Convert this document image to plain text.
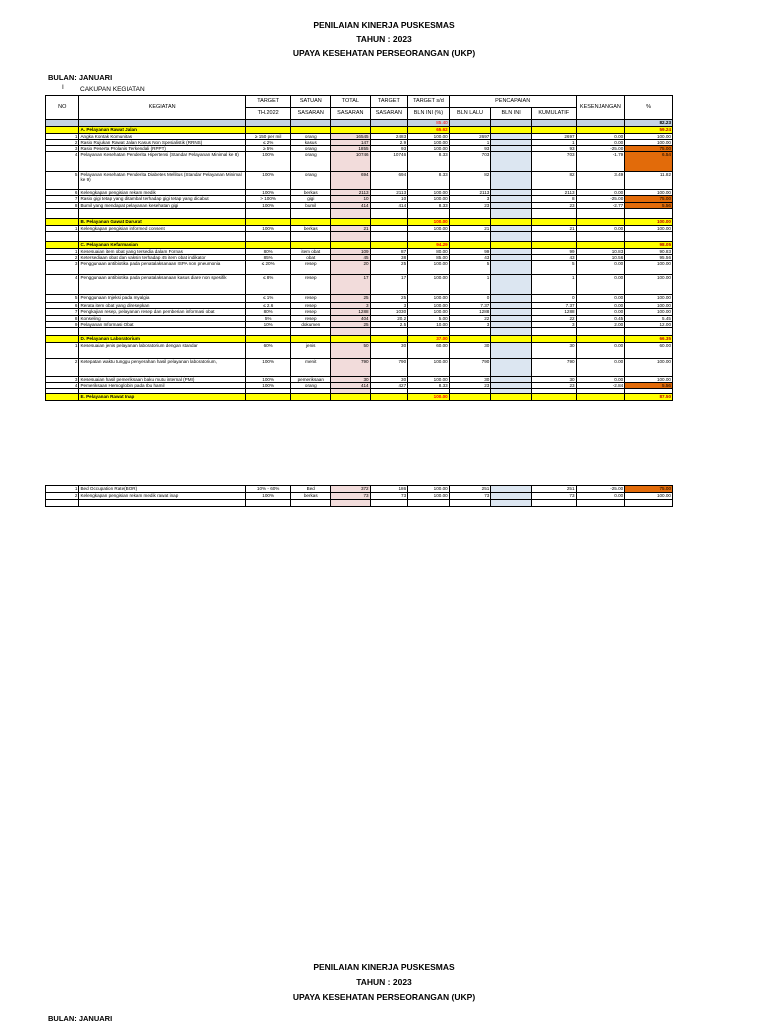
PENILAIAN KINERJA PUSKESMAS
TAHUN : 2023
UPAYA KESEHATAN PERSEORANGAN (UKP)
BULAN: JANUARI
I CAKUPAN KEGIATAN
NO	KEGIATAN	TARGET	SATUAN	TOTAL	TARGET	TARGET s/d	PENCAPAIAN			KESENJANGAN	%
		TH.2022	SASARAN	SASARAN	SASARAN	BLN INI (%)	BLN LALU	BLN INI	KUMULATIF		
						85.40					82.23
	A. Pelayanan Rawat Jalan					65.62					59.24
1	Angka Kontak Komunitas	≥ 150 per mil	orang	16545	2483	100.00	2697		2697	0.00	100.00
2	Rasio Rujukan Rawat Jalan Kasus Non Spesialistik (RRNS)	≤ 2%	kasus	147	2.9	100.00	1		1	0.00	100.00
3	Rasio Peserta Prolanis Terkendali (RPPT)	≥ 5%	orang	1855	93	100.00	93		93	-25.00	75.00
4	Pelayanan Kesehatan Penderita Hipertensi (Standar Pelayanan Minimal ke 8)	100%	orang	10746	10746	8.33	703		703	-1.79	6.54
5	Pelayanan Kesehatan Penderita Diabetes Mellitus (Standar Pelayanan Minimal ke 9)	100%	orang	694	694	8.33	82		82	3.49	11.82
6	Kelengkapan pengisian rekam medik	100%	berkas	2113	2113	100.00	2113		2113	0.00	100.00
7	Rasio gigi tetap yang ditambal terhadap gigi tetap yang dicabut	> 100%	gigi	10	10	100.00	3		8	-25.00	75.00
8	Bumil yang mendapat pelayanan kesehatan gigi	100%	bumil	414	414	8.33	23		23	-2.77	5.56

	B. Pelayanan Gawat Darurat					100.00					100.00
1	Kelengkapan pengisian informed consent	100%	berkas	21		100.00	21		21	0.00	100.00

	C. Pelayanan Kefarmasian					94.29					98.05
1	Kesesuaian item obat yang tersedia dalam Fornas	80%	item obat	109	87	80.00	99		99	10.83	90.83
2	Ketersediaan obat dan vaksin terhadap 45 item obat indikator	85%	obat	45	38	85.00	43		43	10.56	95.56
3	Penggunaan antibiotika pada penatalaksanaan ISPA non pneumonia	≤ 20%	resep	20	25	100.00	5		5	0.00	100.00
4	Penggunaan antibiotika pada penatalaksanaan kasus diare non spesifik	≤ 8%	resep	17	17	100.00	1		1	0.00	100.00
5	Penggunaan Injeksi pada myalgia	≤ 1%	resep	25	25	100.00	0		0	0.00	100.00
6	Rerata item obat yang diresepkan	≤ 2.6	resep	3	3	100.00	7.37		7.37	0.00	100.00
7	Pengkajian resep, pelayanan resep dan pemberian informasi obat	80%	resep	1288	1030	100.00	1288		1288	0.00	100.00
8	Konseling	5%	resep	404	20.2	5.00	22		22	0.45	5.45
9	Pelayanan Informasi Obat	10%	dokumen	25	2.5	10.00	3		3	2.00	12.00

	D. Pelayanan Laboratorium					37.00					66.35
1	Kesesuaian jenis pelayanan laboratorium dengan standar	60%	jenis	50	30	60.00	30		30	0.00	60.00
2	Ketepatan waktu tunggu penyerahan hasil pelayanan laboratorium,	100%	menit	790	790	100.00	790		790	0.00	100.00
3	Kesesuaian hasil pemeriksaan baku mutu internal (PMI)	100%	pemeriksaan	30	30	100.00	30		30	0.00	100.00
4	Pemeriksaan Hemoglobin pada Ibu hamil	100%	orang	414	427	8.33	23		23	-2.84	5.56

	E. Pelayanan Rawat Inap					100.00					87.50
1	Bed Occupation Rate(BOR)	10% - 60%	Bed	372	186	100.00	251		251	-25.00	75.00
2	Kelengkapan pengisian rekam medik rawat inap	100%	berkas	73	73	100.00	73		73	0.00	100.00

PENILAIAN KINERJA PUSKESMAS
TAHUN : 2023
UPAYA KESEHATAN PERSEORANGAN (UKP)
BULAN: JANUARI
